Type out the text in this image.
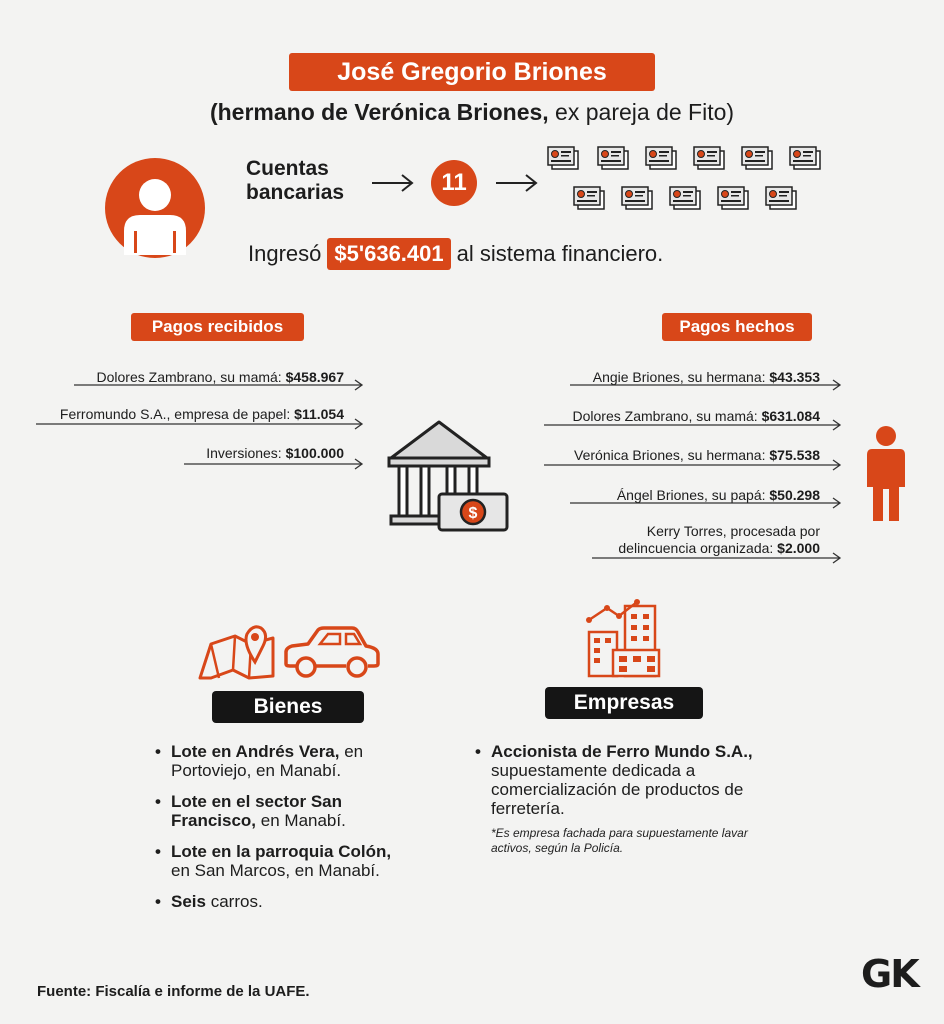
José Gregorio Briones
(hermano de Verónica Briones, ex pareja de Fito)
Cuentas
bancarias	11
Ingresó $5'636.401 al sistema financiero.
Pagos recibidos
Dolores Zambrano, su mamá: $458.967
Ferromundo S.A., empresa de papel: $11.054
Inversiones: $100.000
$
Pagos hechos
Angie Briones, su hermana: $43.353
Dolores Zambrano, su mamá: $631.084
Verónica Briones, su hermana: $75.538
Ángel Briones, su papá: $50.298
Kerry Torres, procesada por
delincuencia organizada: $2.000
Bienes
• Lote en Andrés Vera, en Portoviejo, en Manabí.
• Lote en el sector San Francisco, en Manabí.
• Lote en la parroquia Colón, en San Marcos, en Manabí.
• Seis carros.
Empresas
• Accionista de Ferro Mundo S.A., supuestamente dedicada a comercialización de productos de ferretería.
*Es empresa fachada para supuestamente lavar activos, según la Policía.
Fuente: Fiscalía e informe de la UAFE.	GK
